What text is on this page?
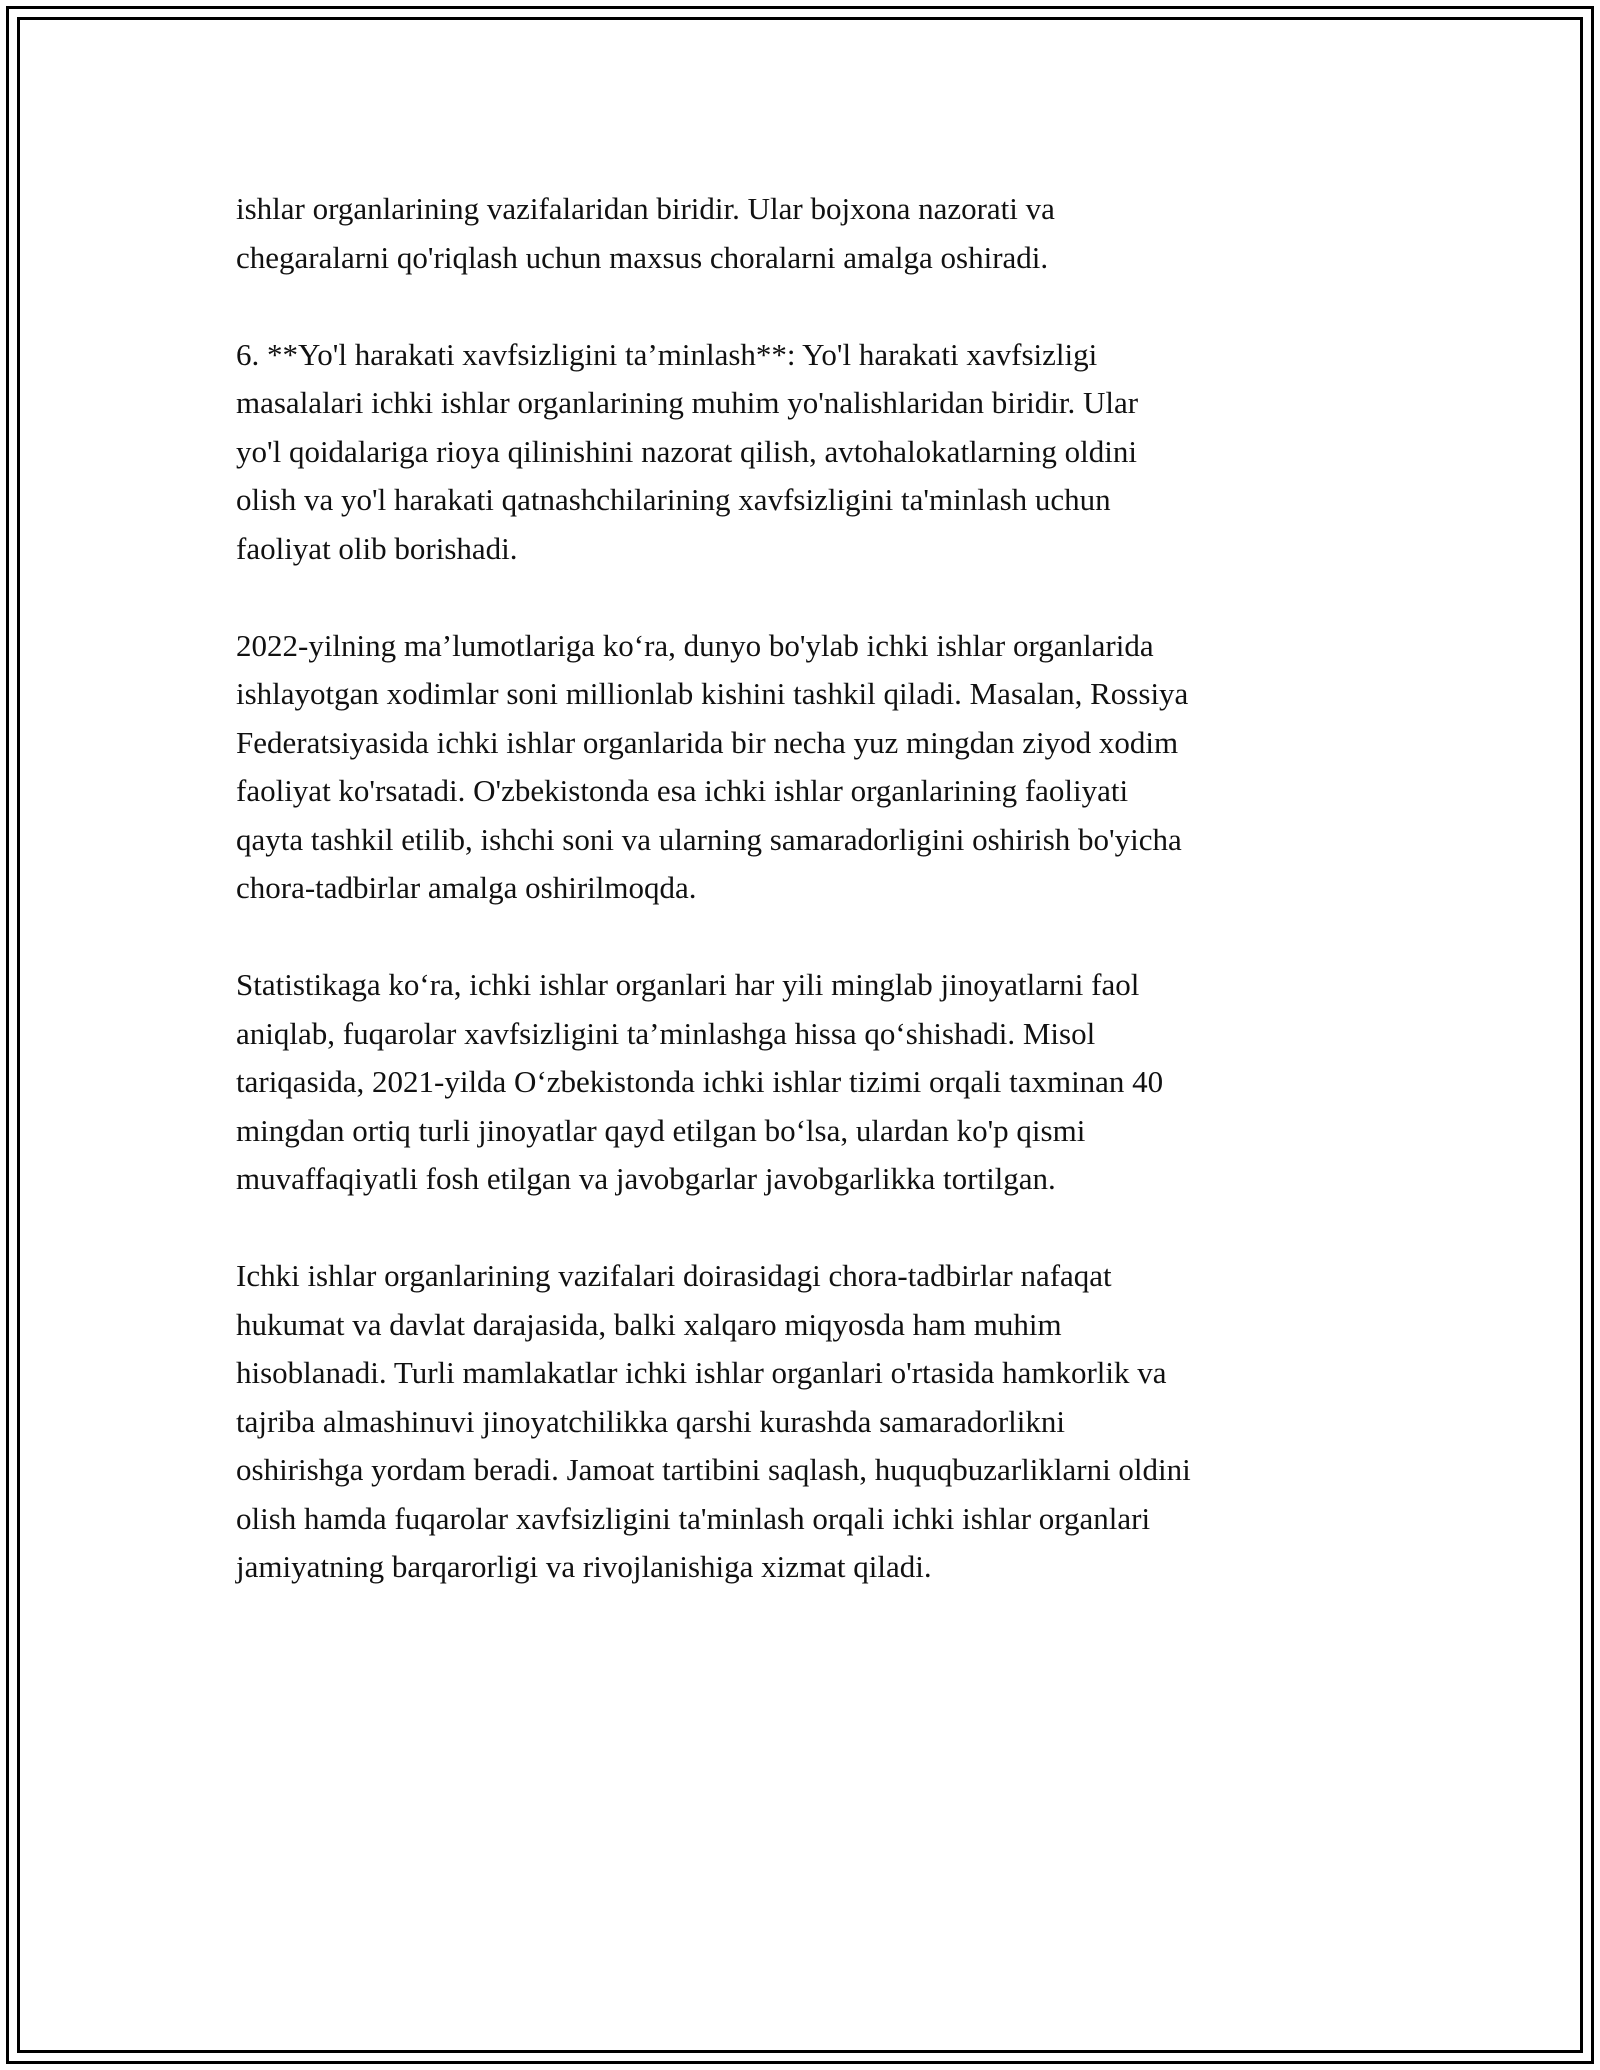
ishlar organlarining vazifalaridan biridir. Ular bojxona nazorati va
chegaralarni qo'riqlash uchun maxsus choralarni amalga oshiradi.

6. **Yo'l harakati xavfsizligini ta’minlash**: Yo'l harakati xavfsizligi
masalalari ichki ishlar organlarining muhim yo'nalishlaridan biridir. Ular
yo'l qoidalariga rioya qilinishini nazorat qilish, avtohalokatlarning oldini
olish va yo'l harakati qatnashchilarining xavfsizligini ta'minlash uchun
faoliyat olib borishadi.

2022-yilning ma’lumotlariga ko‘ra, dunyo bo'ylab ichki ishlar organlarida
ishlayotgan xodimlar soni millionlab kishini tashkil qiladi. Masalan, Rossiya
Federatsiyasida ichki ishlar organlarida bir necha yuz mingdan ziyod xodim
faoliyat ko'rsatadi. O'zbekistonda esa ichki ishlar organlarining faoliyati
qayta tashkil etilib, ishchi soni va ularning samaradorligini oshirish bo'yicha
chora-tadbirlar amalga oshirilmoqda.

Statistikaga ko‘ra, ichki ishlar organlari har yili minglab jinoyatlarni faol
aniqlab, fuqarolar xavfsizligini ta’minlashga hissa qo‘shishadi. Misol
tariqasida, 2021-yilda O‘zbekistonda ichki ishlar tizimi orqali taxminan 40
mingdan ortiq turli jinoyatlar qayd etilgan bo‘lsa, ulardan ko'p qismi
muvaffaqiyatli fosh etilgan va javobgarlar javobgarlikka tortilgan.

Ichki ishlar organlarining vazifalari doirasidagi chora-tadbirlar nafaqat
hukumat va davlat darajasida, balki xalqaro miqyosda ham muhim
hisoblanadi. Turli mamlakatlar ichki ishlar organlari o'rtasida hamkorlik va
tajriba almashinuvi jinoyatchilikka qarshi kurashda samaradorlikni
oshirishga yordam beradi. Jamoat tartibini saqlash, huquqbuzarliklarni oldini
olish hamda fuqarolar xavfsizligini ta'minlash orqali ichki ishlar organlari
jamiyatning barqarorligi va rivojlanishiga xizmat qiladi.
